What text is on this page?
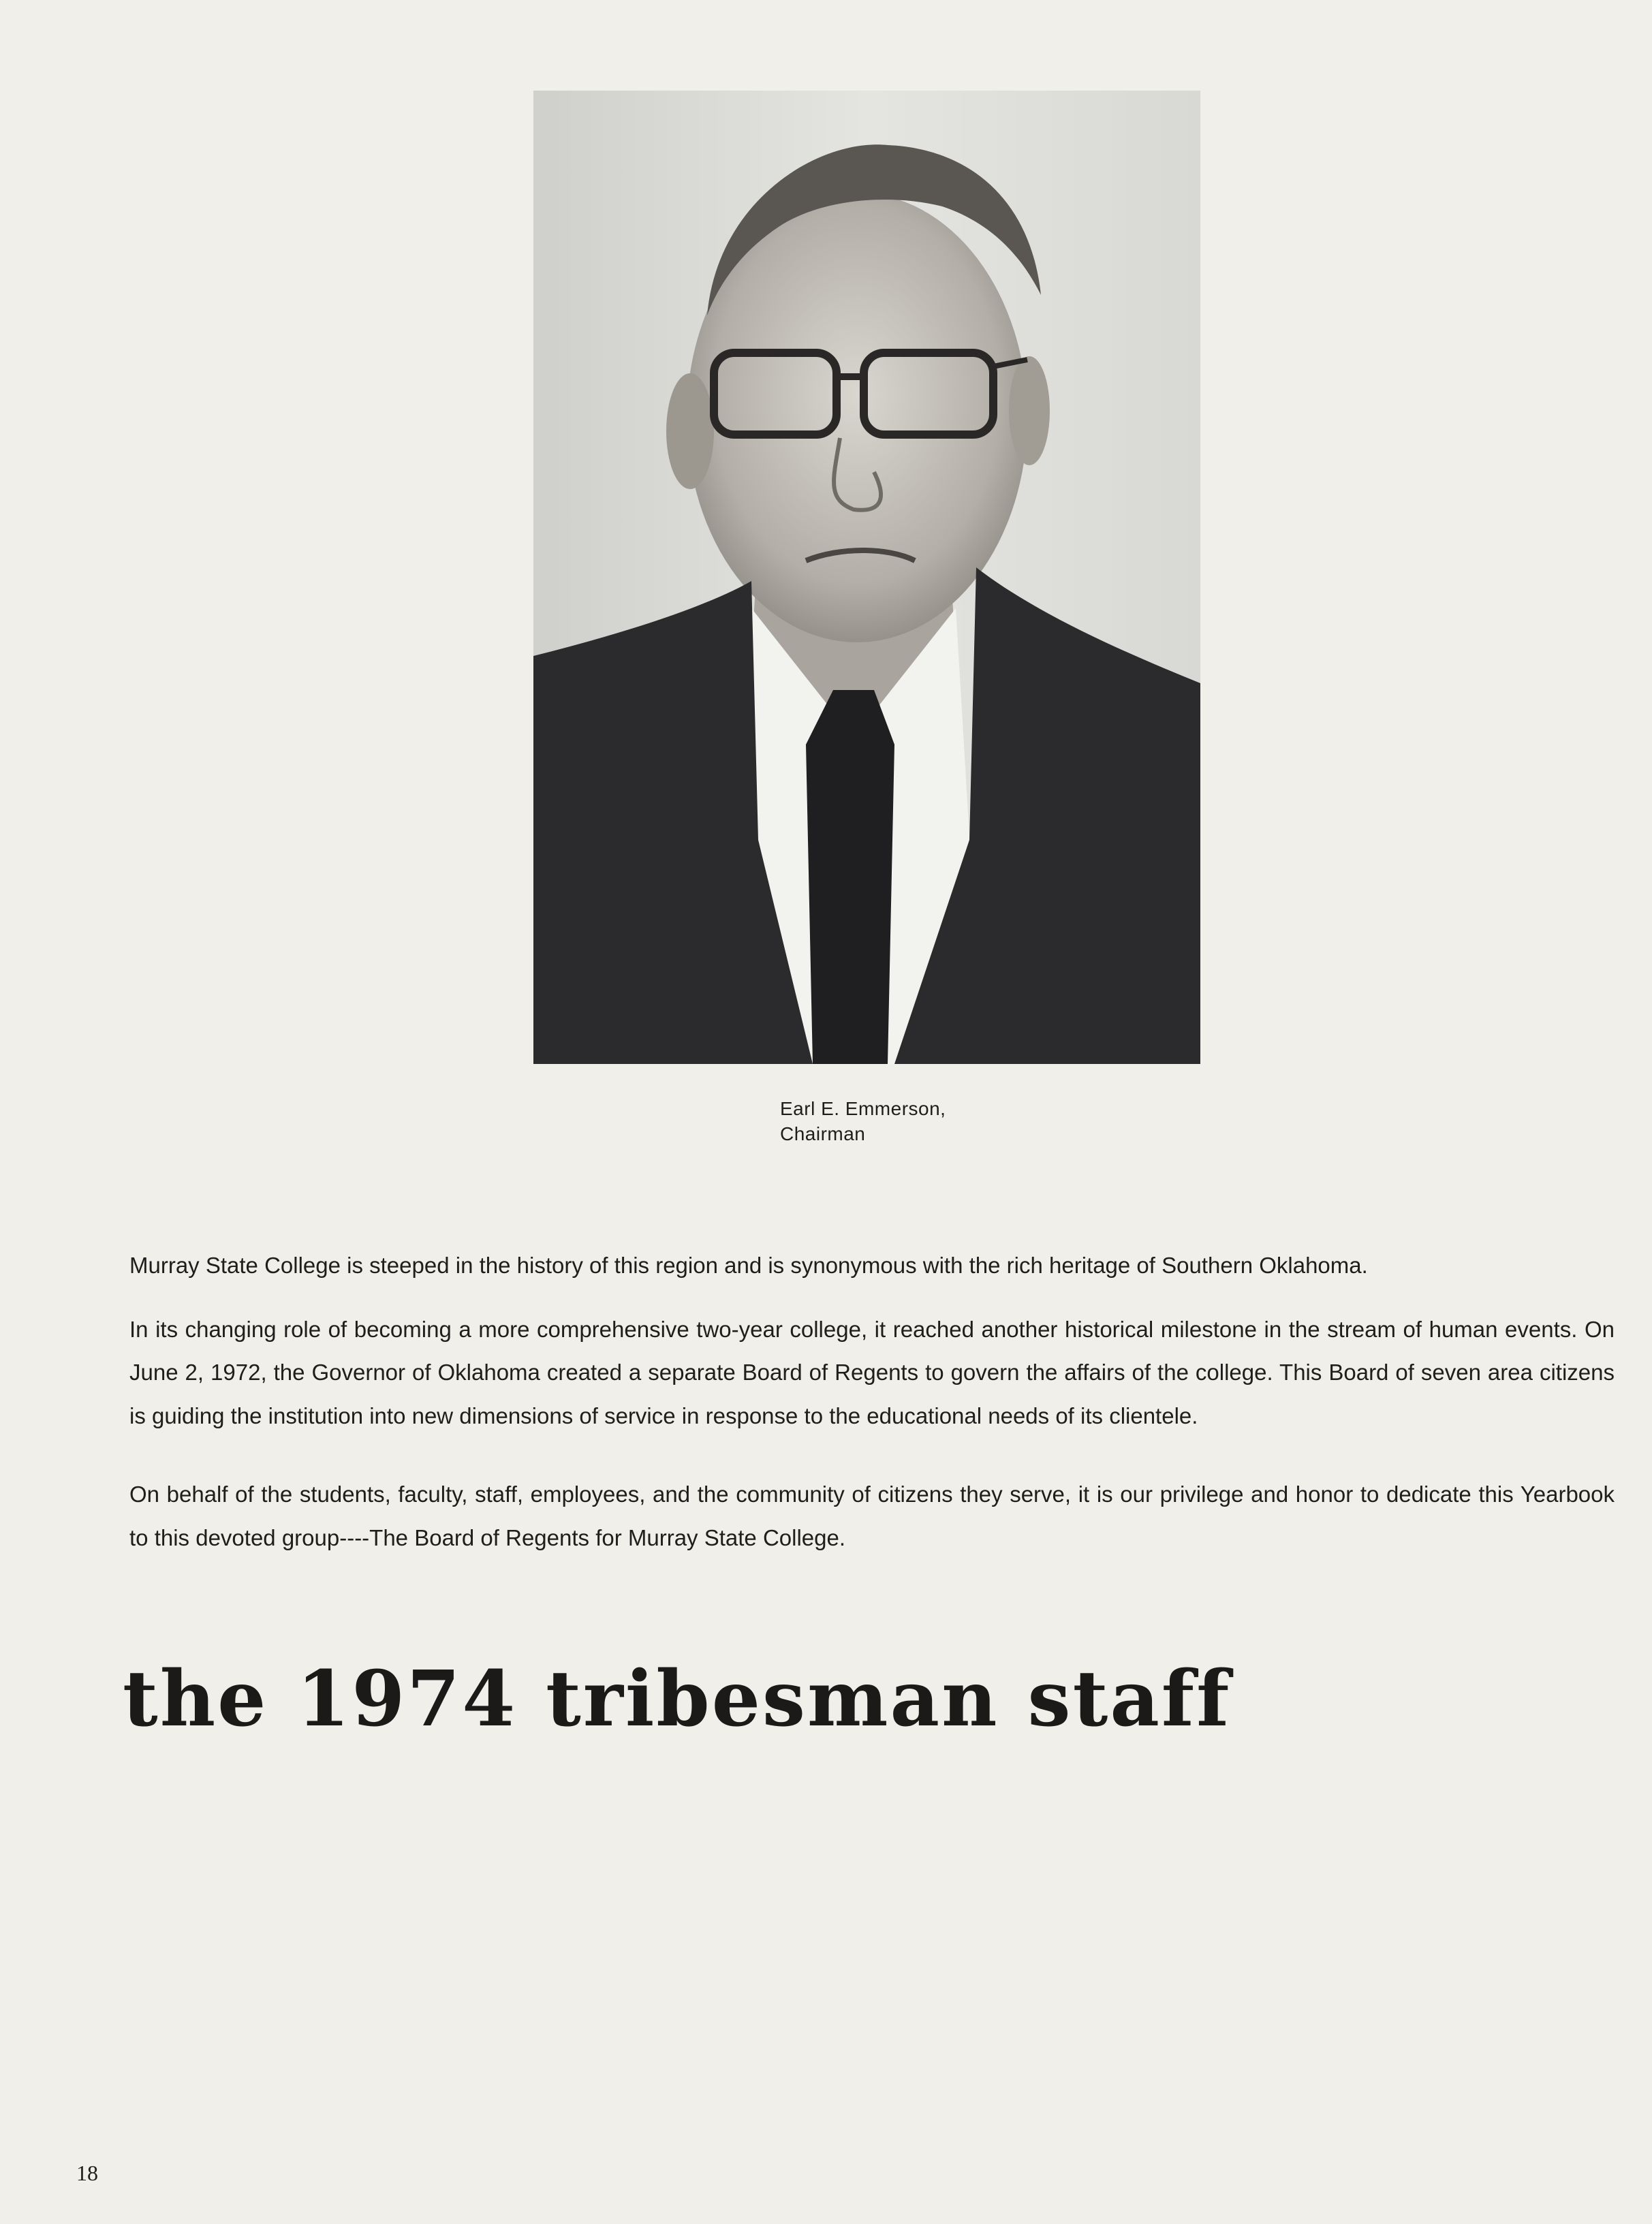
Earl E. Emmerson,
Chairman

Murray State College is steeped in the history of this region and is synonymous with the rich heritage of Southern Oklahoma.

In its changing role of becoming a more comprehensive two-year college, it reached another historical milestone in the stream of human events. On June 2, 1972, the Governor of Oklahoma created a separate Board of Regents to govern the affairs of the college. This Board of seven area citizens is guiding the institution into new dimensions of service in response to the educational needs of its clientele.

On behalf of the students, faculty, staff, employees, and the community of citizens they serve, it is our privilege and honor to dedicate this Yearbook to this devoted group----The Board of Regents for Murray State College.

the 1974 tribesman staff
18
